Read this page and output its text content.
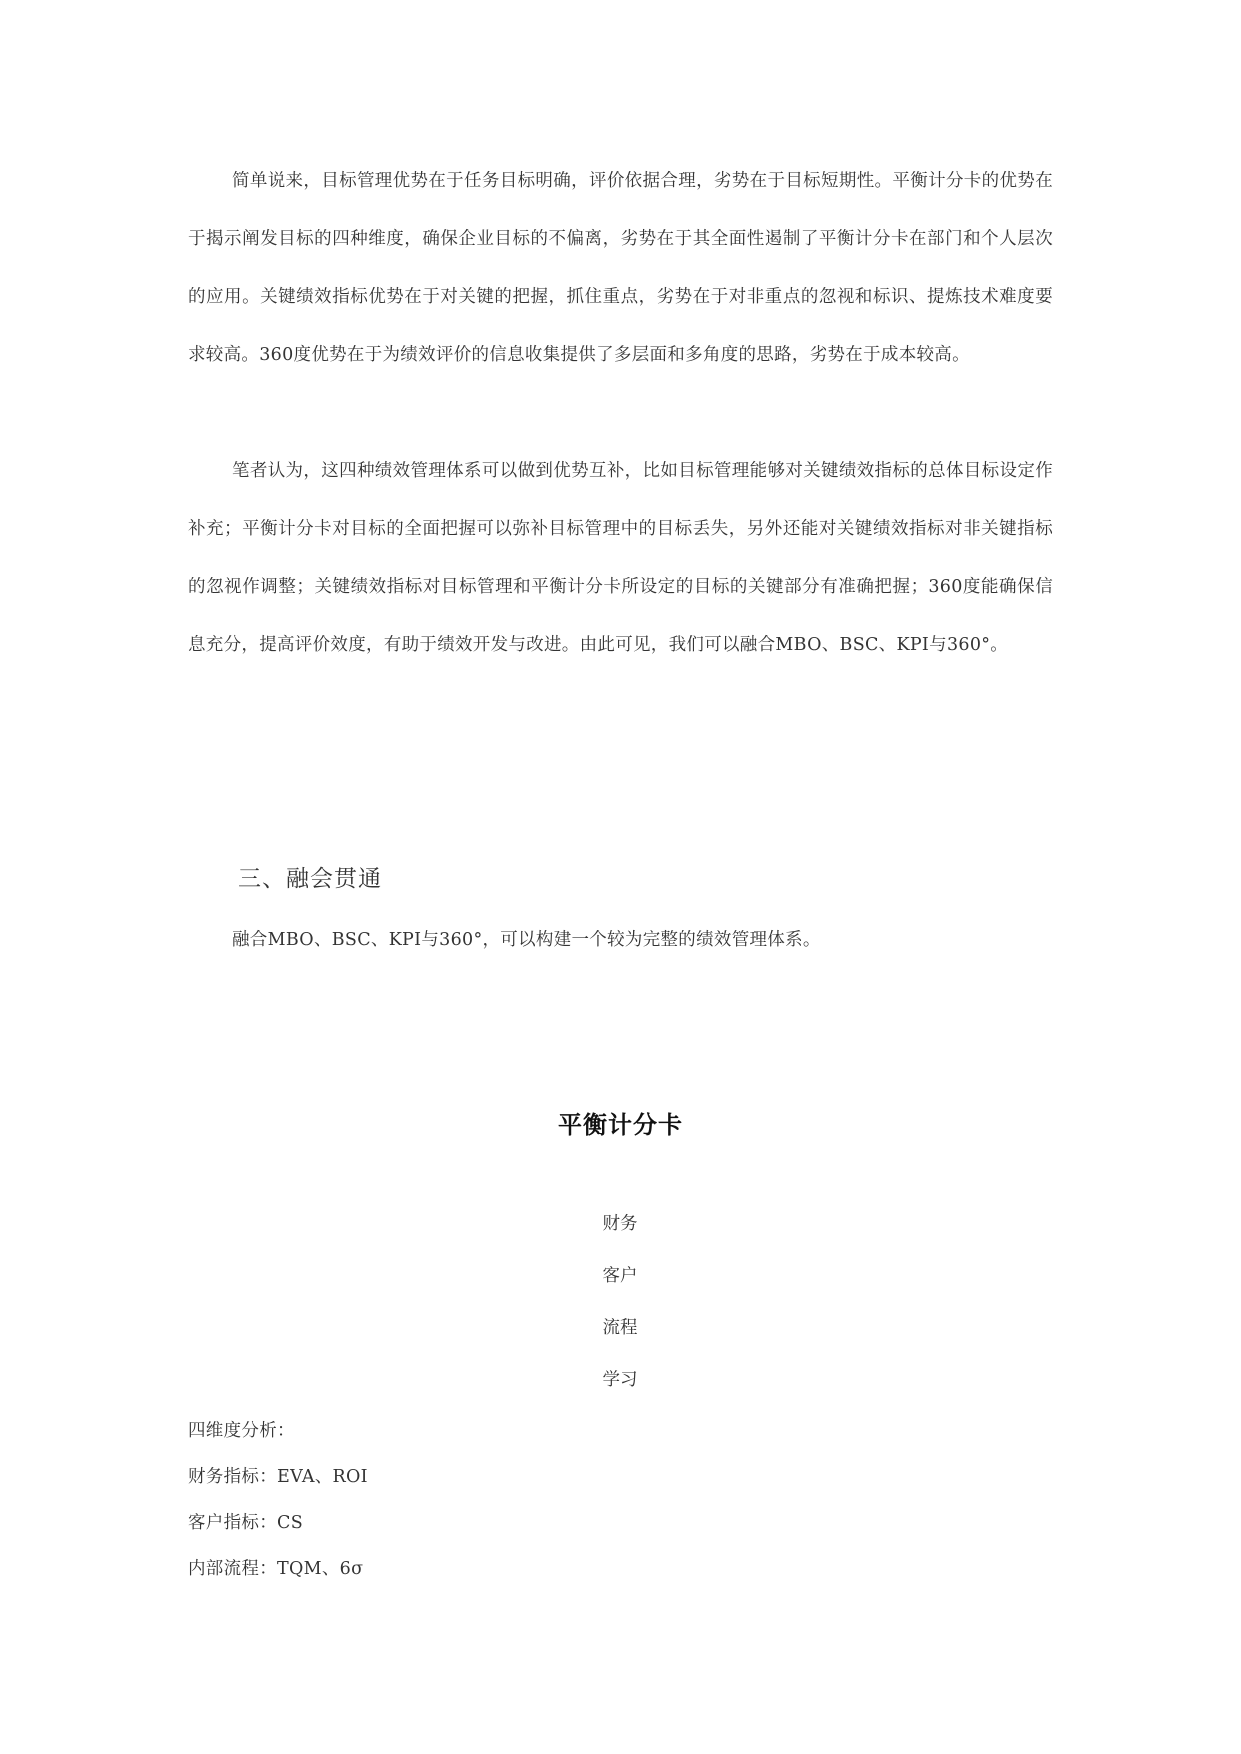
简单说来，目标管理优势在于任务目标明确，评价依据合理，劣势在于目标短期性。平衡计分卡的优势在于揭示阐发目标的四种维度，确保企业目标的不偏离，劣势在于其全面性遏制了平衡计分卡在部门和个人层次的应用。关键绩效指标优势在于对关键的把握，抓住重点，劣势在于对非重点的忽视和标识、提炼技术难度要求较高。360度优势在于为绩效评价的信息收集提供了多层面和多角度的思路，劣势在于成本较高。

笔者认为，这四种绩效管理体系可以做到优势互补，比如目标管理能够对关键绩效指标的总体目标设定作补充；平衡计分卡对目标的全面把握可以弥补目标管理中的目标丢失，另外还能对关键绩效指标对非关键指标的忽视作调整；关键绩效指标对目标管理和平衡计分卡所设定的目标的关键部分有准确把握；360度能确保信息充分，提高评价效度，有助于绩效开发与改进。由此可见，我们可以融合MBO、BSC、KPI与360°。

三、融会贯通

融合MBO、BSC、KPI与360°，可以构建一个较为完整的绩效管理体系。

平衡计分卡
财务
客户
流程
学习
四维度分析：
财务指标：EVA、ROI
客户指标：CS
内部流程：TQM、6σ
